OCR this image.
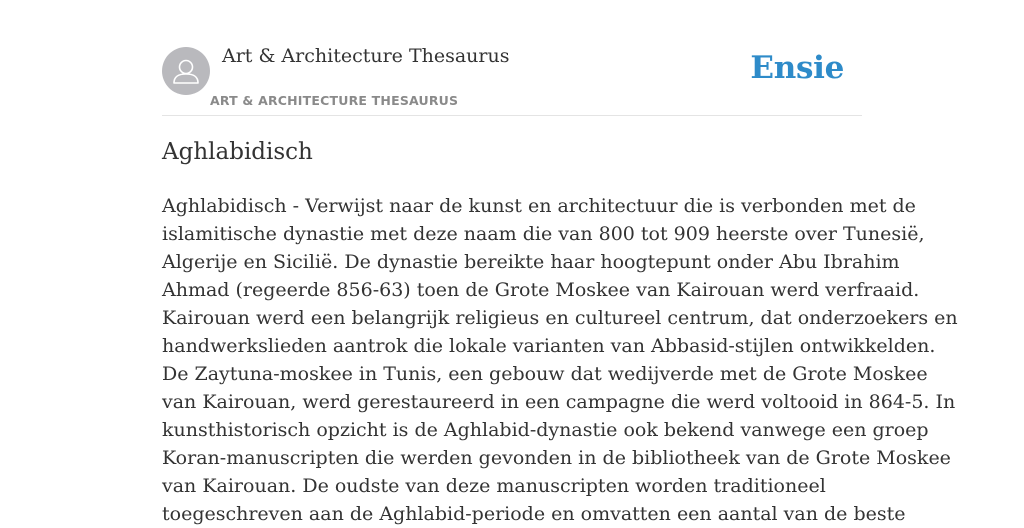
Art & Architecture Thesaurus
ART & ARCHITECTURE THESAURUS
Ensie
Aghlabidisch

Aghlabidisch - Verwijst naar de kunst en architectuur die is verbonden met de
islamitische dynastie met deze naam die van 800 tot 909 heerste over Tunesië,
Algerije en Sicilië. De dynastie bereikte haar hoogtepunt onder Abu Ibrahim
Ahmad (regeerde 856-63) toen de Grote Moskee van Kairouan werd verfraaid.
Kairouan werd een belangrijk religieus en cultureel centrum, dat onderzoekers en
handwerkslieden aantrok die lokale varianten van Abbasid-stijlen ontwikkelden.
De Zaytuna-moskee in Tunis, een gebouw dat wedijverde met de Grote Moskee
van Kairouan, werd gerestaureerd in een campagne die werd voltooid in 864-5. In
kunsthistorisch opzicht is de Aghlabid-dynastie ook bekend vanwege een groep
Koran-manuscripten die werden gevonden in de bibliotheek van de Grote Moskee
van Kairouan. De oudste van deze manuscripten worden traditioneel
toegeschreven aan de Aghlabid-periode en omvatten een aantal van de beste
